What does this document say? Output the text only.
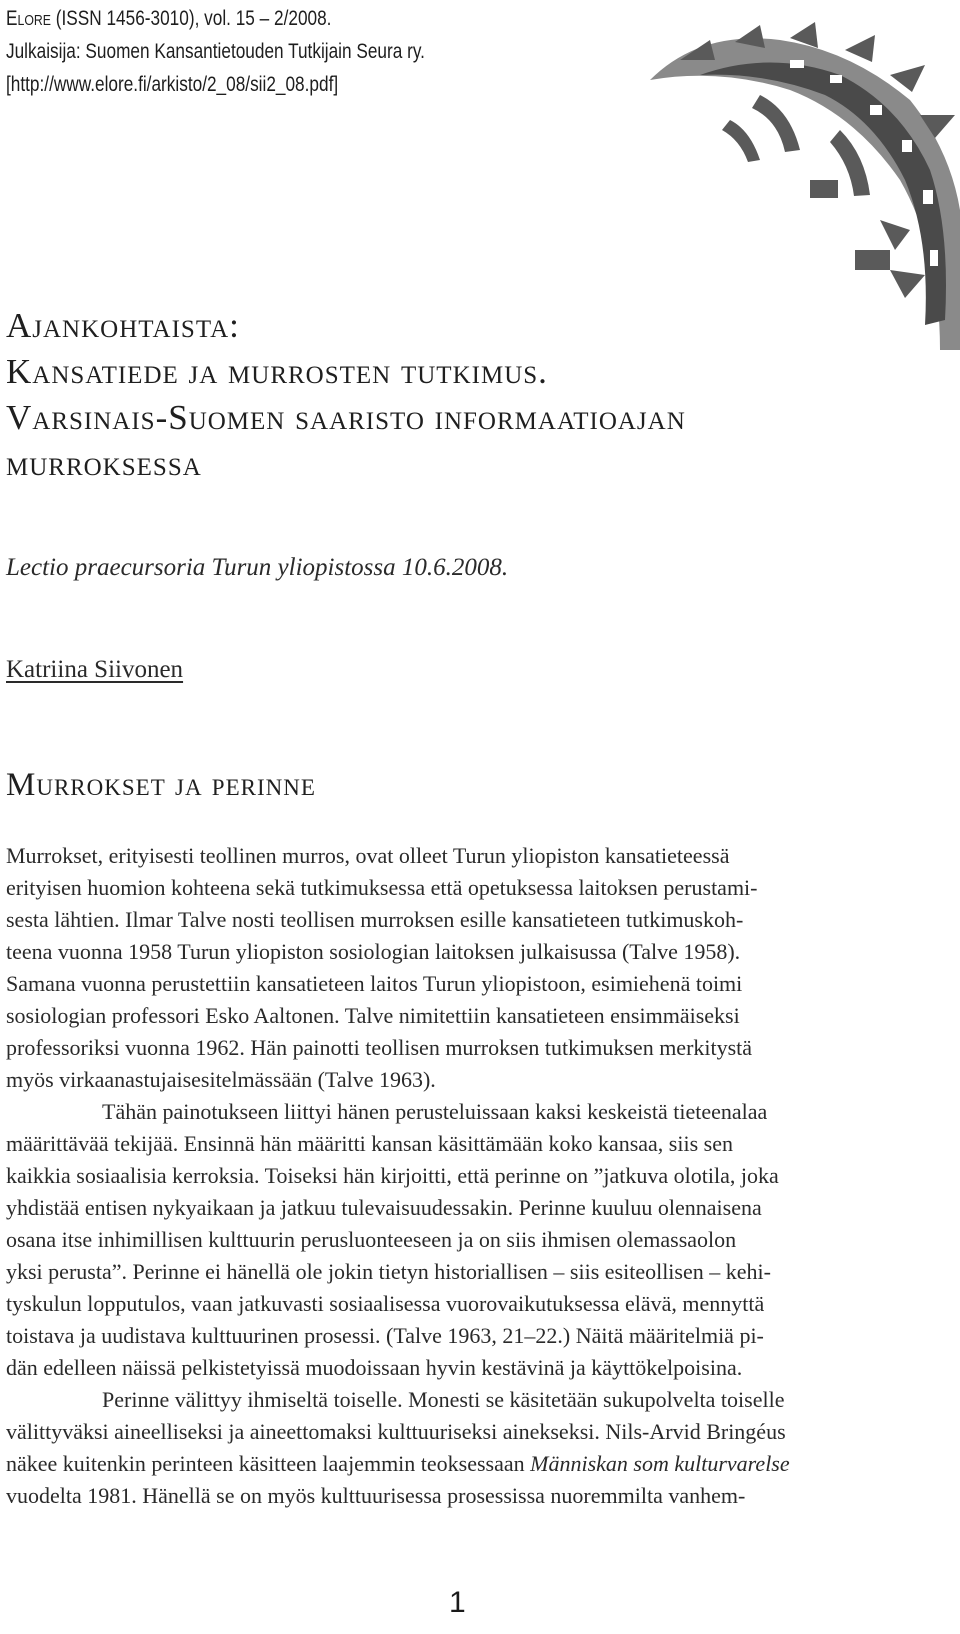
Elore (ISSN 1456-3010), vol. 15 – 2/2008.
Julkaisija: Suomen Kansantietouden Tutkijain Seura ry.
[http://www.elore.fi/arkisto/2_08/sii2_08.pdf]
Ajankohtaista:
Kansatiede ja murrosten tutkimus.
Varsinais-Suomen saaristo informaatioajan
murroksessa
Lectio praecursoria Turun yliopistossa 10.6.2008.
Katriina Siivonen
Murrokset ja perinne
Murrokset, erityisesti teollinen murros, ovat olleet Turun yliopiston kansatieteessä
erityisen huomion kohteena sekä tutkimuksessa että opetuksessa laitoksen perustami-
sesta lähtien. Ilmar Talve nosti teollisen murroksen esille kansatieteen tutkimuskoh-
teena vuonna 1958 Turun yliopiston sosiologian laitoksen julkaisussa (Talve 1958).
Samana vuonna perustettiin kansatieteen laitos Turun yliopistoon, esimiehenä toimi
sosiologian professori Esko Aaltonen. Talve nimitettiin kansatieteen ensimmäiseksi
professoriksi vuonna 1962. Hän painotti teollisen murroksen tutkimuksen merkitystä
myös virkaanastujaisesitelmässään (Talve 1963).
Tähän painotukseen liittyi hänen perusteluissaan kaksi keskeistä tieteenalaa
määrittävää tekijää. Ensinnä hän määritti kansan käsittämään koko kansaa, siis sen
kaikkia sosiaalisia kerroksia. Toiseksi hän kirjoitti, että perinne on ”jatkuva olotila, joka
yhdistää entisen nykyaikaan ja jatkuu tulevaisuudessakin. Perinne kuuluu olennaisena
osana itse inhimillisen kulttuurin perusluonteeseen ja on siis ihmisen olemassaolon
yksi perusta”. Perinne ei hänellä ole jokin tietyn historiallisen – siis esiteollisen – kehi-
tyskulun lopputulos, vaan jatkuvasti sosiaalisessa vuorovaikutuksessa elävä, mennyttä
toistava ja uudistava kulttuurinen prosessi. (Talve 1963, 21–22.) Näitä määritelmiä pi-
dän edelleen näissä pelkistetyissä muodoissaan hyvin kestävinä ja käyttökelpoisina.
Perinne välittyy ihmiseltä toiselle. Monesti se käsitetään sukupolvelta toiselle
välittyväksi aineelliseksi ja aineettomaksi kulttuuriseksi ainekseksi. Nils-Arvid Bringéus
näkee kuitenkin perinteen käsitteen laajemmin teoksessaan Människan som kulturvarelse
vuodelta 1981. Hänellä se on myös kulttuurisessa prosessissa nuoremmilta vanhem-
1
